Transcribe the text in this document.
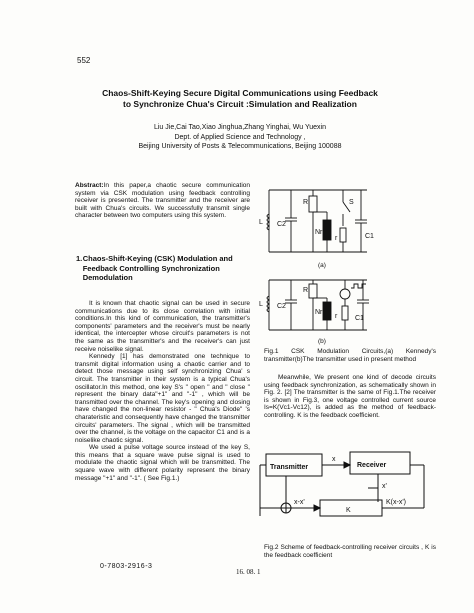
552
Chaos-Shift-Keying Secure Digital Communications using Feedback
to Synchronize Chua's Circuit :Simulation and Realization
Liu Jie,Cai Tao,Xiao Jinghua,Zhang Yinghai, Wu Yuexin
Dept. of Applied Science and Technology ,
Beijing University of Posts & Telecommunications, Beijing 100088

Abstract:In this paper,a chaotic secure communication system via CSK modulation using feedback controlling receiver is presented. The transmitter and the receiver are built with Chua's circuits. We successfully transmit single character between two computers using this system.

1. Chaos-Shift-Keying (CSK) Modulation and Feedback Controlling Synchronization Demodulation

It is known that chaotic signal can be used in secure communications due to its close correlation with initial conditions.In this kind of communication, the transmitter's components' parameters and the receiver's must be nearly identical, the intercepter whose circuit's parameters is not the same as the transmitter's and the receiver's can just receive noiselike signal.

Kennedy [1] has demonstrated one technique to transmit digital information using a chaotic carrier and to detect those message using self synchronizing Chua' s circuit. The transmitter in their system is a typical Chua's oscillator.In this method, one key S's " open " and " close " represent the binary data"+1" and "-1" , which will be transmitted over the channel. The key's opening and closing have changed the non-linear resistor - " Chua's Diode" 's charateristic and consequently have changed the transmitter circuits' parameters. The signal , which will be transmitted over the channel, is the voltage on the capacitor C1 and is a noiselike chaotic signal.

We used a pulse voltage source instead of the key S, this means that a square wave pulse signal is used to modulate the chaotic signal which will be transmitted. The square wave with different polarity represent the binary message "+1" and "-1". ( See Fig.1.)

L C2
R	S
Nr
r	C1
(a)
L C2
R
Nr
r	C1
(b)
Fig.1 CSK Modulation Circuits,(a) Kennedy's transmitter(b)The transmitter used in present method

Meanwhile, We present one kind of decode circuits using feedback synchronization, as schematically shown in Fig. 2. [2] The transmitter is the same of Fig.1.The receiver is shown in Fig.3, one voltage controlled current source Is=K(Vc1-Vc12), is added as the method of feedback-controlling. K is the feedback coefficient.

Transmitter	Receiver
x
x'
x-x'
K
K(x-x')
Fig.2 Scheme of feedback-controlling receiver circuits , K is the feedback coefficient
0-7803-2916-3
16. 08. 1
